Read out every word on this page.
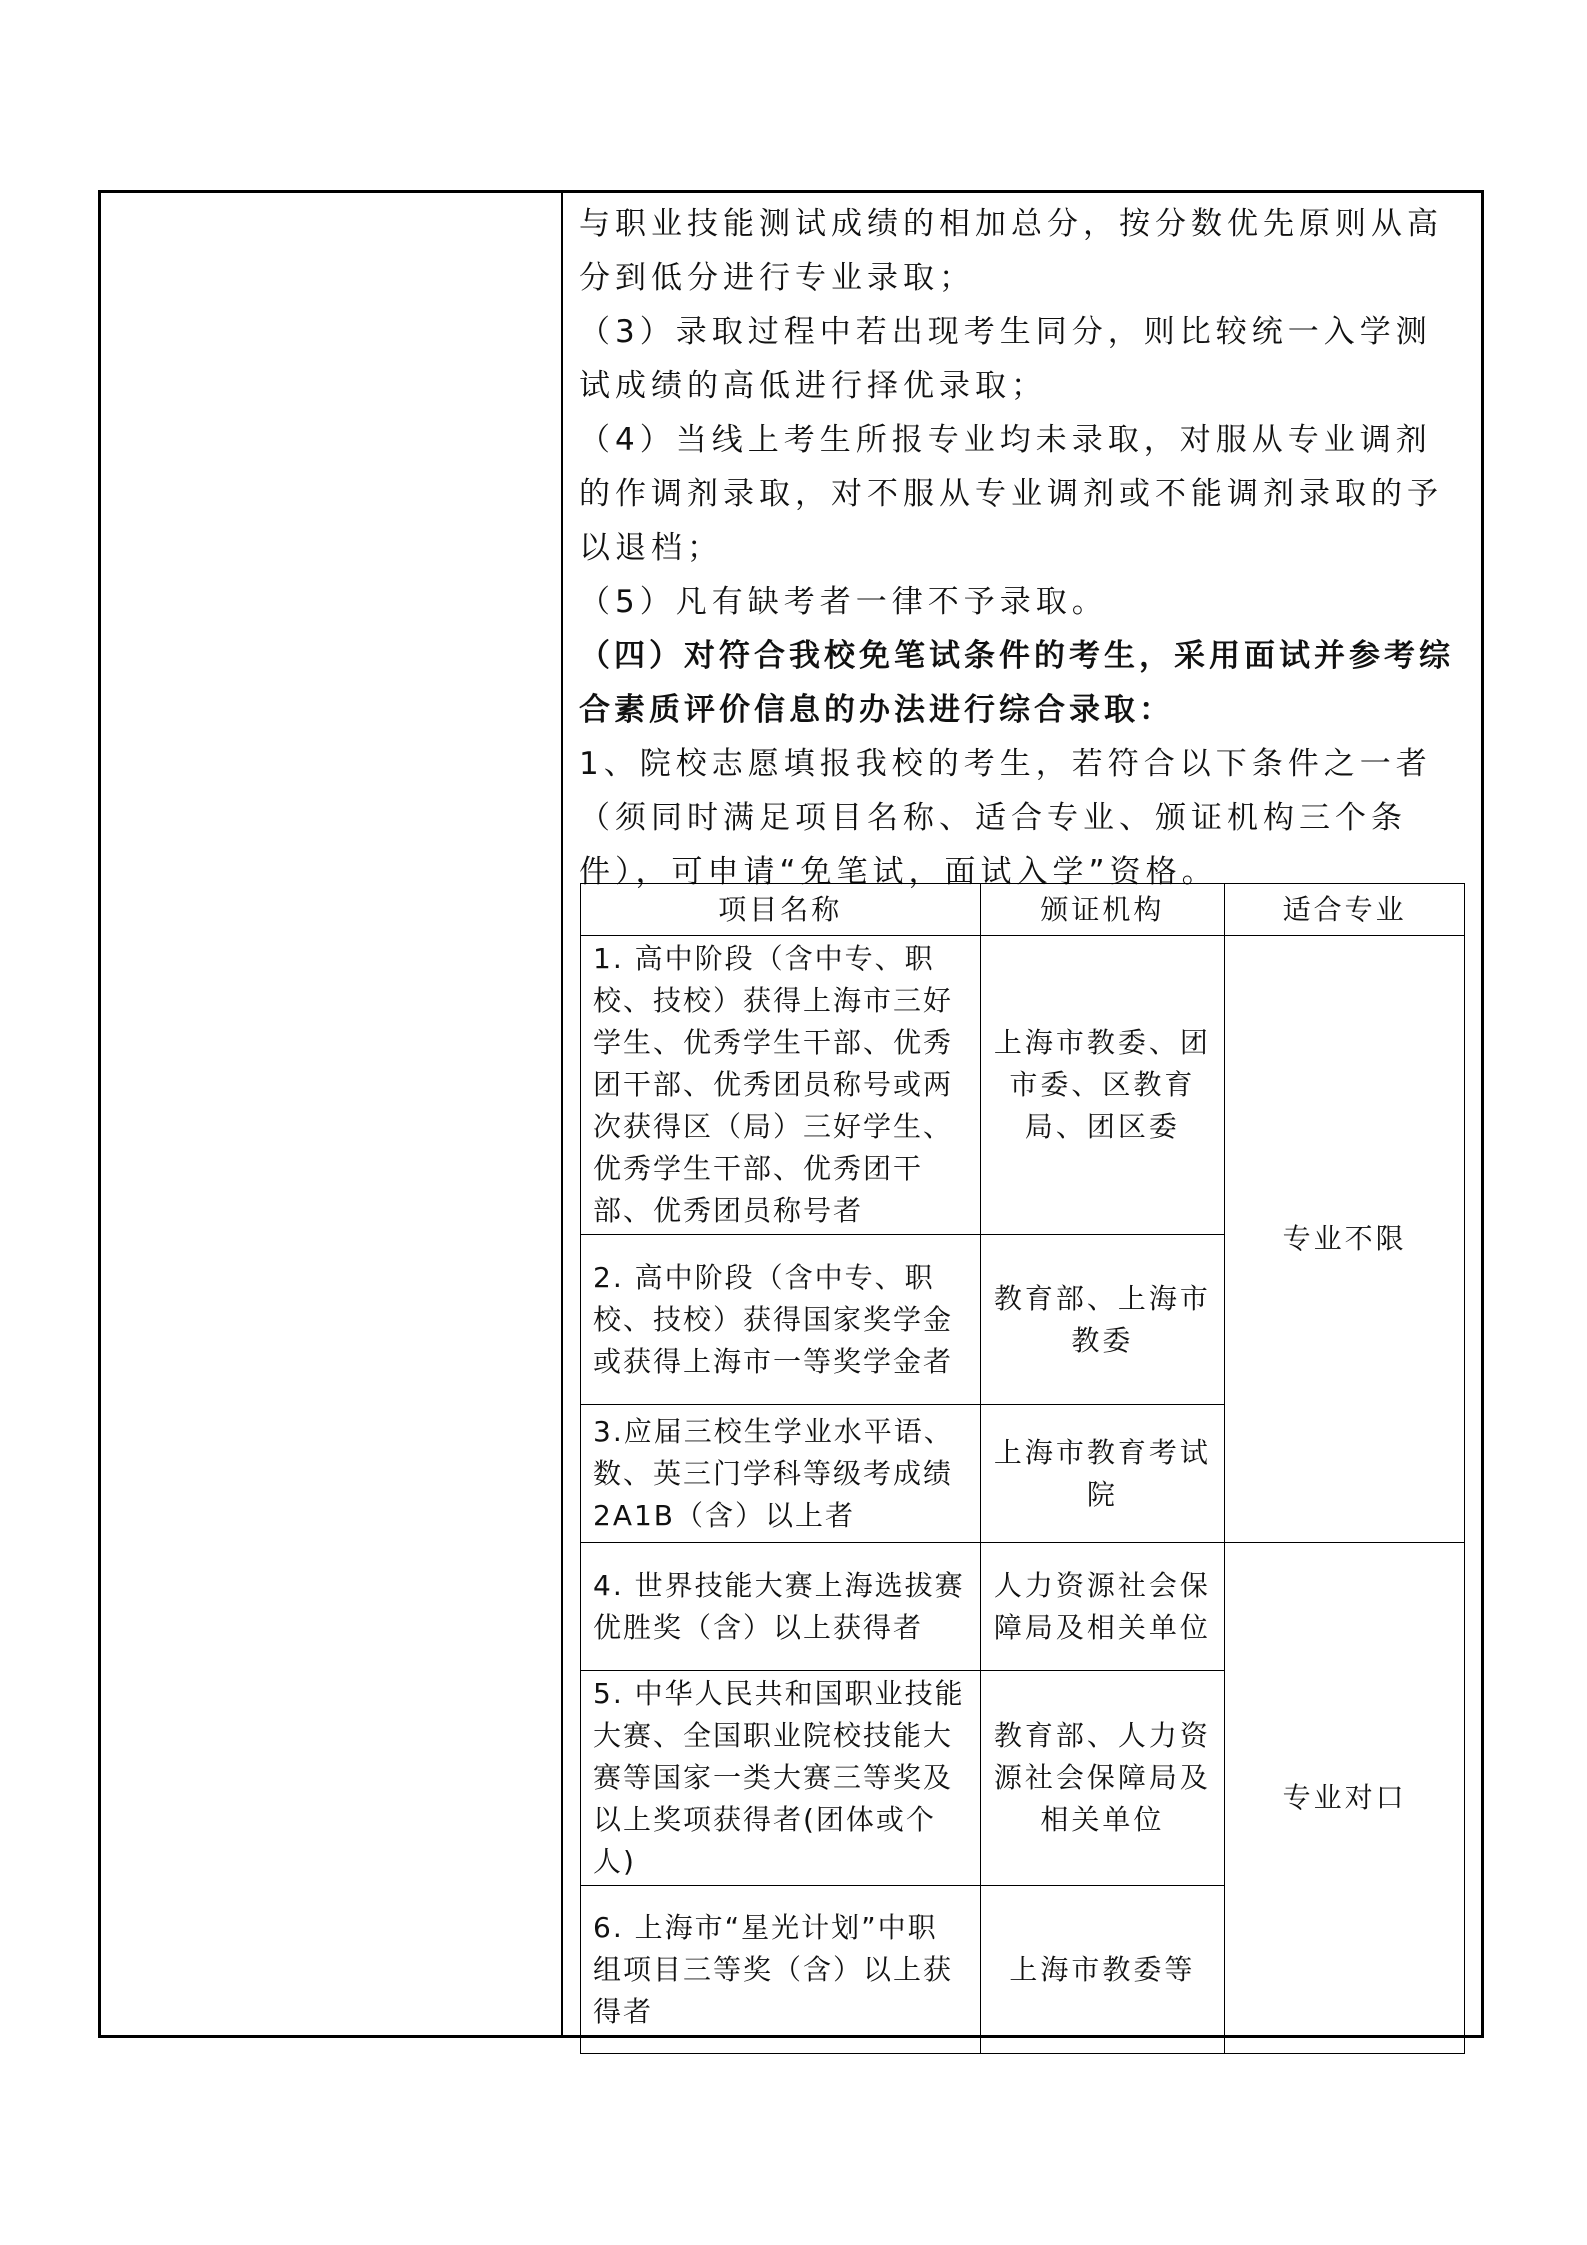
与职业技能测试成绩的相加总分，按分数优先原则从高分到低分进行专业录取；

（3）录取过程中若出现考生同分，则比较统一入学测试成绩的高低进行择优录取；

（4）当线上考生所报专业均未录取，对服从专业调剂的作调剂录取，对不服从专业调剂或不能调剂录取的予以退档；

（5）凡有缺考者一律不予录取。

（四）对符合我校免笔试条件的考生，采用面试并参考综合素质评价信息的办法进行综合录取：

1、院校志愿填报我校的考生，若符合以下条件之一者（须同时满足项目名称、适合专业、颁证机构三个条件），可申请“免笔试，面试入学”资格。

项目名称	颁证机构	适合专业
1. 高中阶段（含中专、职校、技校）获得上海市三好学生、优秀学生干部、优秀团干部、优秀团员称号或两次获得区（局）三好学生、优秀学生干部、优秀团干部、优秀团员称号者	上海市教委、团市委、区教育局、团区委	专业不限
2. 高中阶段（含中专、职校、技校）获得国家奖学金或获得上海市一等奖学金者	教育部、上海市教委	
3.应届三校生学业水平语、数、英三门学科等级考成绩2A1B（含）以上者	上海市教育考试院	
4. 世界技能大赛上海选拔赛优胜奖（含）以上获得者	人力资源社会保障局及相关单位	专业对口
5. 中华人民共和国职业技能大赛、全国职业院校技能大赛等国家一类大赛三等奖及以上奖项获得者(团体或个人)	教育部、人力资源社会保障局及相关单位	
6. 上海市“星光计划”中职组项目三等奖（含）以上获得者	上海市教委等	
